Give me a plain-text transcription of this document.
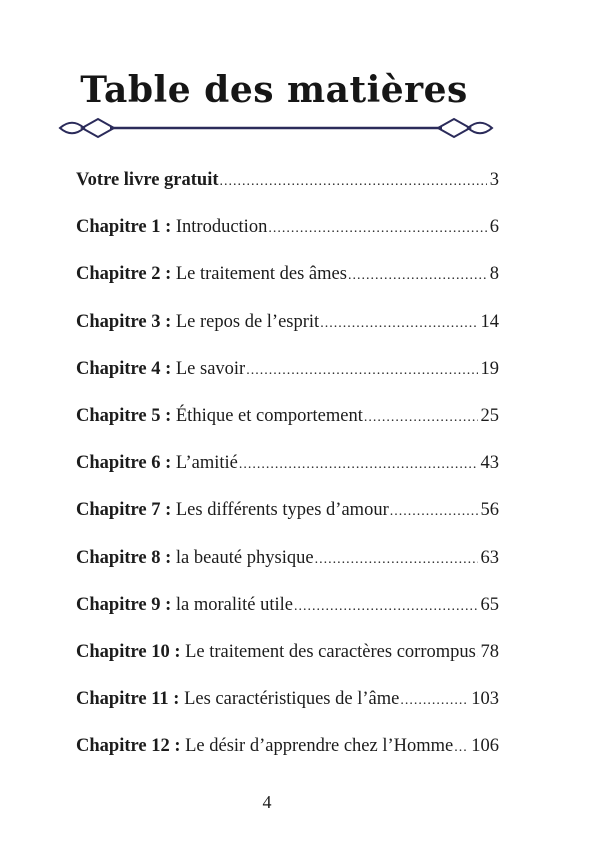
Table des matières
Votre livre gratuit .....	3
Chapitre 1 : Introduction .....	6
Chapitre 2 : Le traitement des âmes .....	8
Chapitre 3 : Le repos de l’esprit .....	14
Chapitre 4 : Le savoir .....	19
Chapitre 5 : Éthique et comportement .....	25
Chapitre 6 : L’amitié .....	43
Chapitre 7 : Les différents types d’amour .....	56
Chapitre 8 : la beauté physique .....	63
Chapitre 9 : la moralité utile .....	65
Chapitre 10 : Le traitement des caractères corrompus ..... 78
Chapitre 11 : Les caractéristiques de l’âme .....	103
Chapitre 12 : Le désir d’apprendre chez l’Homme ..... 106
4
